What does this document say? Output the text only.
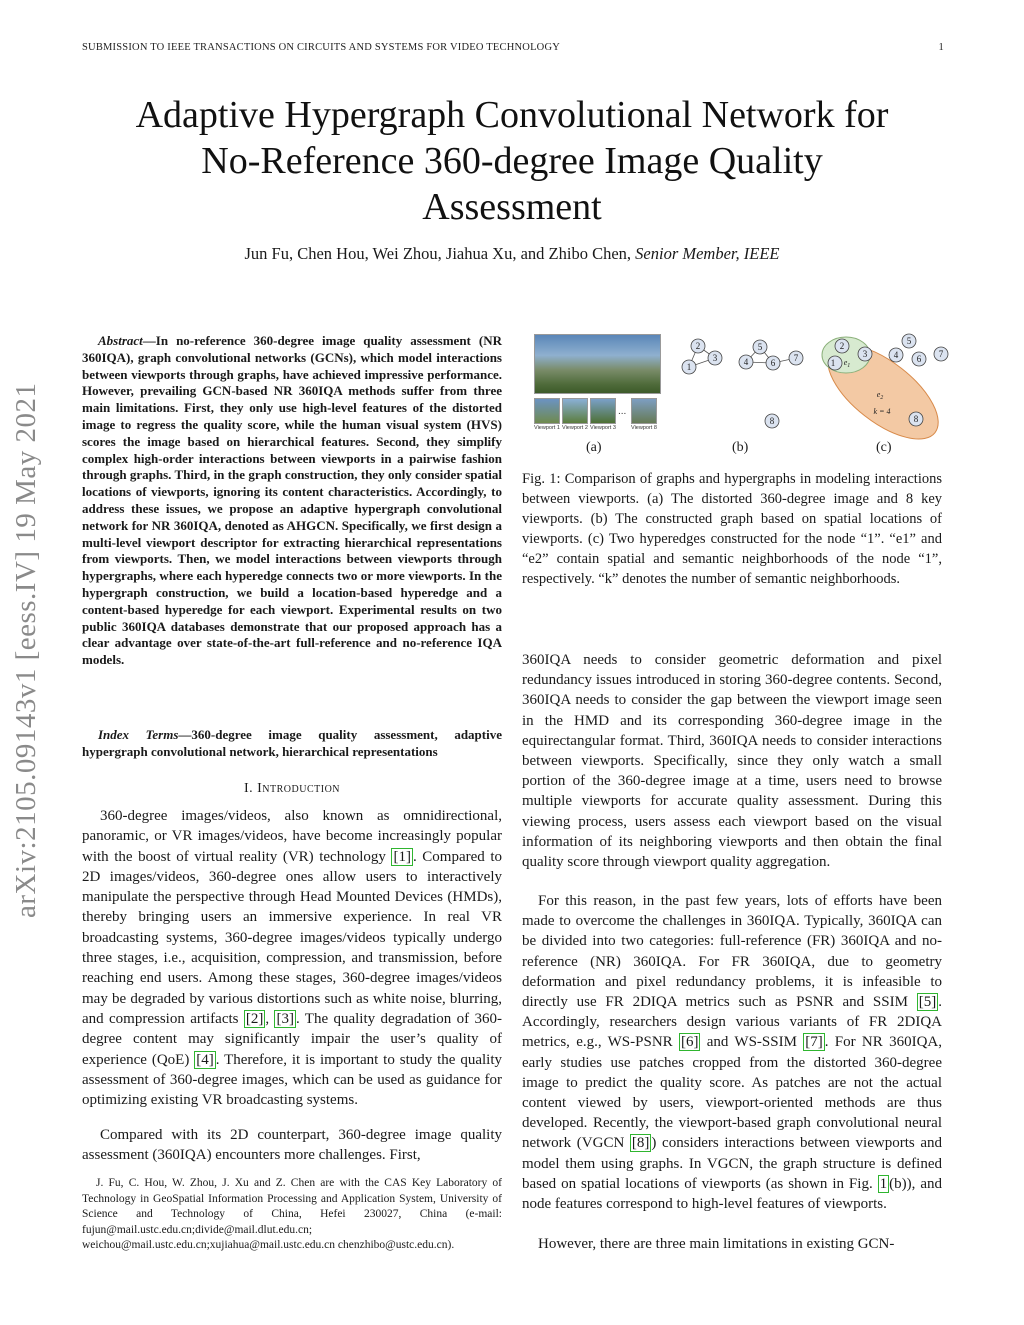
SUBMISSION TO IEEE TRANSACTIONS ON CIRCUITS AND SYSTEMS FOR VIDEO TECHNOLOGY	1
Adaptive Hypergraph Convolutional Network for
No-Reference 360-degree Image Quality
Assessment
Jun Fu, Chen Hou, Wei Zhou, Jiahua Xu, and Zhibo Chen, Senior Member, IEEE
arXiv:2105.09143v1 [eess.IV] 19 May 2021
Abstract—In no-reference 360-degree image quality assessment (NR 360IQA), graph convolutional networks (GCNs), which model interactions between viewports through graphs, have achieved impressive performance. However, prevailing GCN-based NR 360IQA methods suffer from three main limitations. First, they only use high-level features of the distorted image to regress the quality score, while the human visual system (HVS) scores the image based on hierarchical features. Second, they simplify complex high-order interactions between viewports in a pairwise fashion through graphs. Third, in the graph construction, they only consider spatial locations of viewports, ignoring its content characteristics. Accordingly, to address these issues, we propose an adaptive hypergraph convolutional network for NR 360IQA, denoted as AHGCN. Specifically, we first design a multi-level viewport descriptor for extracting hierarchical representations from viewports. Then, we model interactions between viewports through hypergraphs, where each hyperedge connects two or more viewports. In the hypergraph construction, we build a location-based hyperedge and a content-based hyperedge for each viewport. Experimental results on two public 360IQA databases demonstrate that our proposed approach has a clear advantage over state-of-the-art full-reference and no-reference IQA models.
Index Terms—360-degree image quality assessment, adaptive hypergraph convolutional network, hierarchical representations
I. Introduction
360-degree images/videos, also known as omnidirectional, panoramic, or VR images/videos, have become increasingly popular with the boost of virtual reality (VR) technology [1] . Compared to 2D images/videos, 360-degree ones allow users to interactively manipulate the perspective through Head Mounted Devices (HMDs), thereby bringing users an immersive experience. In real VR broadcasting systems, 360-degree images/videos typically undergo three stages, i.e., acquisition, compression, and transmission, before reaching end users. Among these stages, 360-degree images/videos may be degraded by various distortions such as white noise, blurring, and compression artifacts [2] , [3] . The quality degradation of 360-degree content may significantly impair the user’s quality of experience (QoE) [4] . Therefore, it is important to study the quality assessment of 360-degree images, which can be used as guidance for optimizing existing VR broadcasting systems.
Compared with its 2D counterpart, 360-degree image quality assessment (360IQA) encounters more challenges. First,
J. Fu, C. Hou, W. Zhou, J. Xu and Z. Chen are with the CAS Key Laboratory of Technology in GeoSpatial Information Processing and Application System, University of Science and Technology of China, Hefei 230027, China (e-mail: fujun@mail.ustc.edu.cn;divide@mail.dlut.edu.cn; weichou@mail.ustc.edu.cn;xujiahua@mail.ustc.edu.cn chenzhibo@ustc.edu.cn).
...
Viewport 1 Viewport 2 Viewport 3	Viewport 8
1
2
3	4
5
6 7
8
1
2
3	4
5
6 7
8
$e_1$
$e_2$
k = 4
(a)	(b)	(c)
Fig. 1: Comparison of graphs and hypergraphs in modeling interactions between viewports. (a) The distorted 360-degree image and 8 key viewports. (b) The constructed graph based on spatial locations of viewports. (c) Two hyperedges constructed for the node “1”. “e1” and “e2” contain spatial and semantic neighborhoods of the node “1”, respectively. “k” denotes the number of semantic neighborhoods.
360IQA needs to consider geometric deformation and pixel redundancy issues introduced in storing 360-degree contents. Second, 360IQA needs to consider the gap between the viewport image seen in the HMD and its corresponding 360-degree image in the equirectangular format. Third, 360IQA needs to consider interactions between viewports. Specifically, since they only watch a small portion of the 360-degree image at a time, users need to browse multiple viewports for accurate quality assessment. During this viewing process, users assess each viewport based on the visual information of its neighboring viewports and then obtain the final quality score through viewport quality aggregation.
For this reason, in the past few years, lots of efforts have been made to overcome the challenges in 360IQA. Typically, 360IQA can be divided into two categories: full-reference (FR) 360IQA and no-reference (NR) 360IQA. For FR 360IQA, due to geometry deformation and pixel redundancy problems, it is infeasible to directly use FR 2DIQA metrics such as PSNR and SSIM [5] . Accordingly, researchers design various variants of FR 2DIQA metrics, e.g., WS-PSNR [6] and WS-SSIM [7] . For NR 360IQA, early studies use patches cropped from the distorted 360-degree image to predict the quality score. As patches are not the actual content viewed by users, viewport-oriented methods are thus developed. Recently, the viewport-based graph convolutional neural network (VGCN [8] ) considers interactions between viewports and model them using graphs. In VGCN, the graph structure is defined based on spatial locations of viewports (as shown in Fig. 1 (b)), and node features correspond to high-level features of viewports.
However, there are three main limitations in existing GCN-
